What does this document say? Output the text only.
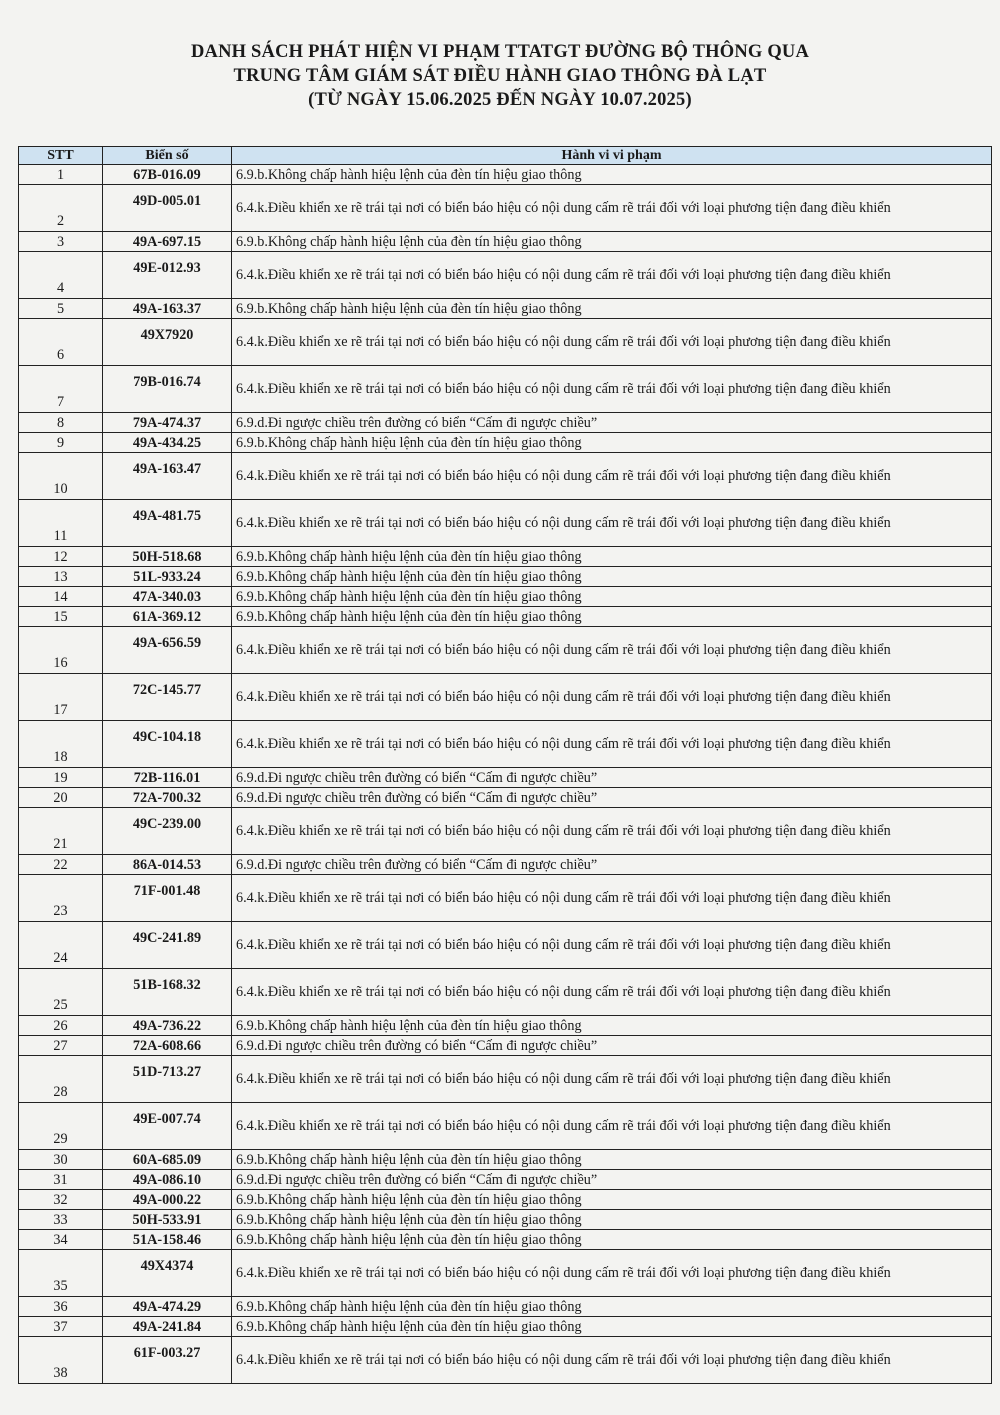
DANH SÁCH PHÁT HIỆN VI PHẠM TTATGT ĐƯỜNG BỘ THÔNG QUA
TRUNG TÂM GIÁM SÁT ĐIỀU HÀNH GIAO THÔNG ĐÀ LẠT
(TỪ NGÀY 15.06.2025 ĐẾN NGÀY 10.07.2025)
STT	Biển số	Hành vi vi phạm
1	67B-016.09	6.9.b.Không chấp hành hiệu lệnh của đèn tín hiệu giao thông
2	49D-005.01	6.4.k.Điều khiển xe rẽ trái tại nơi có biển báo hiệu có nội dung cấm rẽ trái đối với loại phương tiện đang điều khiển
3	49A-697.15	6.9.b.Không chấp hành hiệu lệnh của đèn tín hiệu giao thông
4	49E-012.93	6.4.k.Điều khiển xe rẽ trái tại nơi có biển báo hiệu có nội dung cấm rẽ trái đối với loại phương tiện đang điều khiển
5	49A-163.37	6.9.b.Không chấp hành hiệu lệnh của đèn tín hiệu giao thông
6	49X7920	6.4.k.Điều khiển xe rẽ trái tại nơi có biển báo hiệu có nội dung cấm rẽ trái đối với loại phương tiện đang điều khiển
7	79B-016.74	6.4.k.Điều khiển xe rẽ trái tại nơi có biển báo hiệu có nội dung cấm rẽ trái đối với loại phương tiện đang điều khiển
8	79A-474.37	6.9.d.Đi ngược chiều trên đường có biển “Cấm đi ngược chiều”
9	49A-434.25	6.9.b.Không chấp hành hiệu lệnh của đèn tín hiệu giao thông
10	49A-163.47	6.4.k.Điều khiển xe rẽ trái tại nơi có biển báo hiệu có nội dung cấm rẽ trái đối với loại phương tiện đang điều khiển
11	49A-481.75	6.4.k.Điều khiển xe rẽ trái tại nơi có biển báo hiệu có nội dung cấm rẽ trái đối với loại phương tiện đang điều khiển
12	50H-518.68	6.9.b.Không chấp hành hiệu lệnh của đèn tín hiệu giao thông
13	51L-933.24	6.9.b.Không chấp hành hiệu lệnh của đèn tín hiệu giao thông
14	47A-340.03	6.9.b.Không chấp hành hiệu lệnh của đèn tín hiệu giao thông
15	61A-369.12	6.9.b.Không chấp hành hiệu lệnh của đèn tín hiệu giao thông
16	49A-656.59	6.4.k.Điều khiển xe rẽ trái tại nơi có biển báo hiệu có nội dung cấm rẽ trái đối với loại phương tiện đang điều khiển
17	72C-145.77	6.4.k.Điều khiển xe rẽ trái tại nơi có biển báo hiệu có nội dung cấm rẽ trái đối với loại phương tiện đang điều khiển
18	49C-104.18	6.4.k.Điều khiển xe rẽ trái tại nơi có biển báo hiệu có nội dung cấm rẽ trái đối với loại phương tiện đang điều khiển
19	72B-116.01	6.9.d.Đi ngược chiều trên đường có biển “Cấm đi ngược chiều”
20	72A-700.32	6.9.d.Đi ngược chiều trên đường có biển “Cấm đi ngược chiều”
21	49C-239.00	6.4.k.Điều khiển xe rẽ trái tại nơi có biển báo hiệu có nội dung cấm rẽ trái đối với loại phương tiện đang điều khiển
22	86A-014.53	6.9.d.Đi ngược chiều trên đường có biển “Cấm đi ngược chiều”
23	71F-001.48	6.4.k.Điều khiển xe rẽ trái tại nơi có biển báo hiệu có nội dung cấm rẽ trái đối với loại phương tiện đang điều khiển
24	49C-241.89	6.4.k.Điều khiển xe rẽ trái tại nơi có biển báo hiệu có nội dung cấm rẽ trái đối với loại phương tiện đang điều khiển
25	51B-168.32	6.4.k.Điều khiển xe rẽ trái tại nơi có biển báo hiệu có nội dung cấm rẽ trái đối với loại phương tiện đang điều khiển
26	49A-736.22	6.9.b.Không chấp hành hiệu lệnh của đèn tín hiệu giao thông
27	72A-608.66	6.9.d.Đi ngược chiều trên đường có biển “Cấm đi ngược chiều”
28	51D-713.27	6.4.k.Điều khiển xe rẽ trái tại nơi có biển báo hiệu có nội dung cấm rẽ trái đối với loại phương tiện đang điều khiển
29	49E-007.74	6.4.k.Điều khiển xe rẽ trái tại nơi có biển báo hiệu có nội dung cấm rẽ trái đối với loại phương tiện đang điều khiển
30	60A-685.09	6.9.b.Không chấp hành hiệu lệnh của đèn tín hiệu giao thông
31	49A-086.10	6.9.d.Đi ngược chiều trên đường có biển “Cấm đi ngược chiều”
32	49A-000.22	6.9.b.Không chấp hành hiệu lệnh của đèn tín hiệu giao thông
33	50H-533.91	6.9.b.Không chấp hành hiệu lệnh của đèn tín hiệu giao thông
34	51A-158.46	6.9.b.Không chấp hành hiệu lệnh của đèn tín hiệu giao thông
35	49X4374	6.4.k.Điều khiển xe rẽ trái tại nơi có biển báo hiệu có nội dung cấm rẽ trái đối với loại phương tiện đang điều khiển
36	49A-474.29	6.9.b.Không chấp hành hiệu lệnh của đèn tín hiệu giao thông
37	49A-241.84	6.9.b.Không chấp hành hiệu lệnh của đèn tín hiệu giao thông
38	61F-003.27	6.4.k.Điều khiển xe rẽ trái tại nơi có biển báo hiệu có nội dung cấm rẽ trái đối với loại phương tiện đang điều khiển
